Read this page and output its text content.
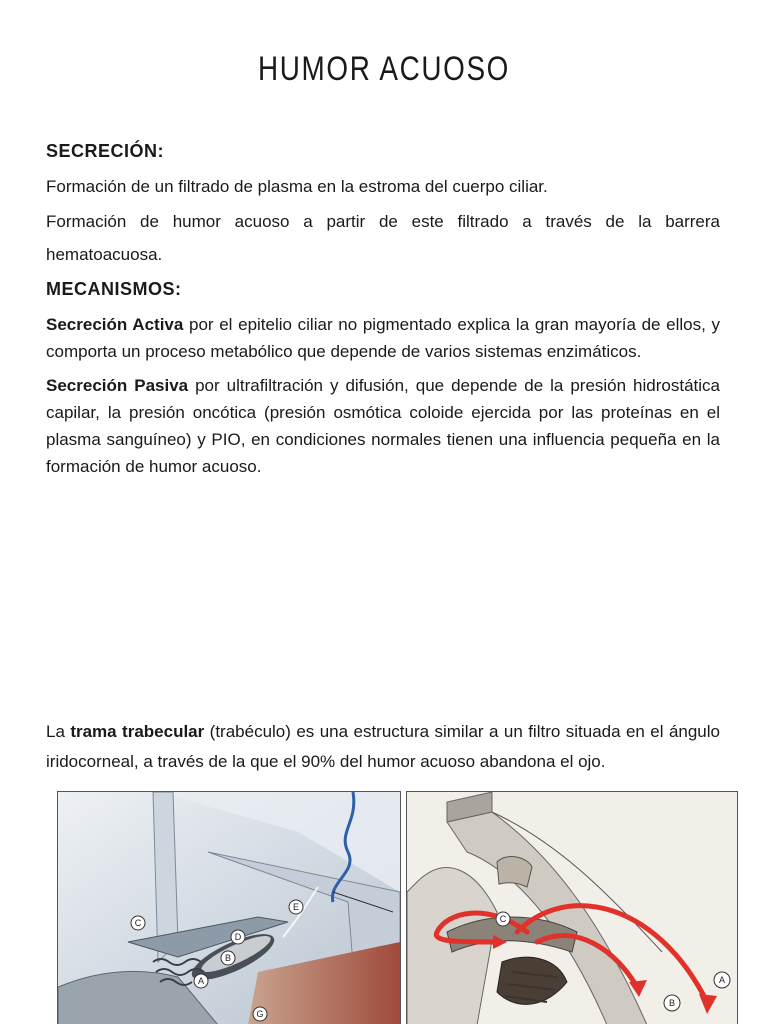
HUMOR ACUOSO
SECRECIÓN:
Formación de un filtrado de plasma en la estroma del cuerpo ciliar.
Formación de humor acuoso a partir de este filtrado a través de la barrera hematoacuosa.
MECANISMOS:
Secreción Activa por el epitelio ciliar no pigmentado explica la gran mayoría de ellos, y comporta un proceso metabólico que depende de varios sistemas enzimáticos.
Secreción Pasiva por ultrafiltración y difusión, que depende de la presión hidrostática capilar, la presión oncótica (presión osmótica coloide ejercida por las proteínas en el plasma sanguíneo) y PIO, en condiciones normales tienen una influencia pequeña en la formación de humor acuoso.
La trama trabecular (trabéculo) es una estructura similar a un filtro situada en el ángulo iridocorneal, a través de la que el 90% del humor acuoso abandona el ojo.
C
E
D
B
A
G
C
A
B
